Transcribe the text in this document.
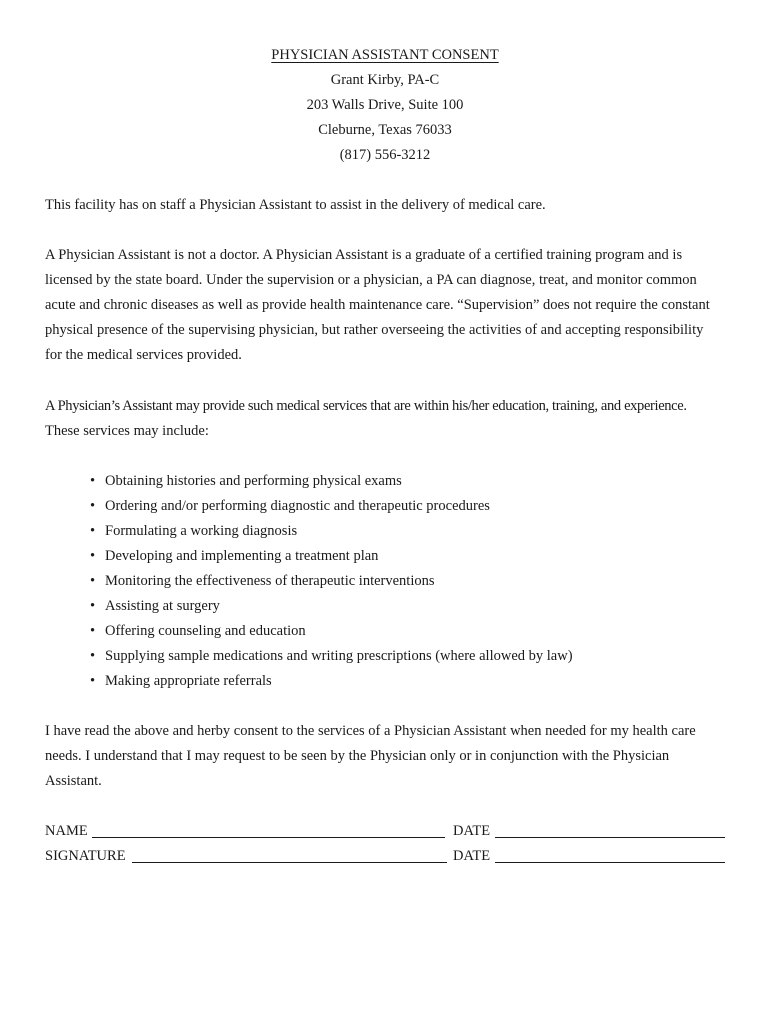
PHYSICIAN ASSISTANT CONSENT
Grant Kirby, PA-C
203 Walls Drive, Suite 100
Cleburne, Texas 76033
(817) 556-3212
This facility has on staff a Physician Assistant to assist in the delivery of medical care.
A Physician Assistant is not a doctor. A Physician Assistant is a graduate of a certified training program and is
licensed by the state board. Under the supervision or a physician, a PA can diagnose, treat, and monitor common
acute and chronic diseases as well as provide health maintenance care. “Supervision” does not require the constant
physical presence of the supervising physician, but rather overseeing the activities of and accepting responsibility
for the medical services provided.
A Physician’s Assistant may provide such medical services that are within his/her education, training, and experience.
These services may include:
• Obtaining histories and performing physical exams
• Ordering and/or performing diagnostic and therapeutic procedures
• Formulating a working diagnosis
• Developing and implementing a treatment plan
• Monitoring the effectiveness of therapeutic interventions
• Assisting at surgery
• Offering counseling and education
• Supplying sample medications and writing prescriptions (where allowed by law)
• Making appropriate referrals
I have read the above and herby consent to the services of a Physician Assistant when needed for my health care
needs. I understand that I may request to be seen by the Physician only or in conjunction with the Physician
Assistant.
NAME	DATE
SIGNATURE	DATE
